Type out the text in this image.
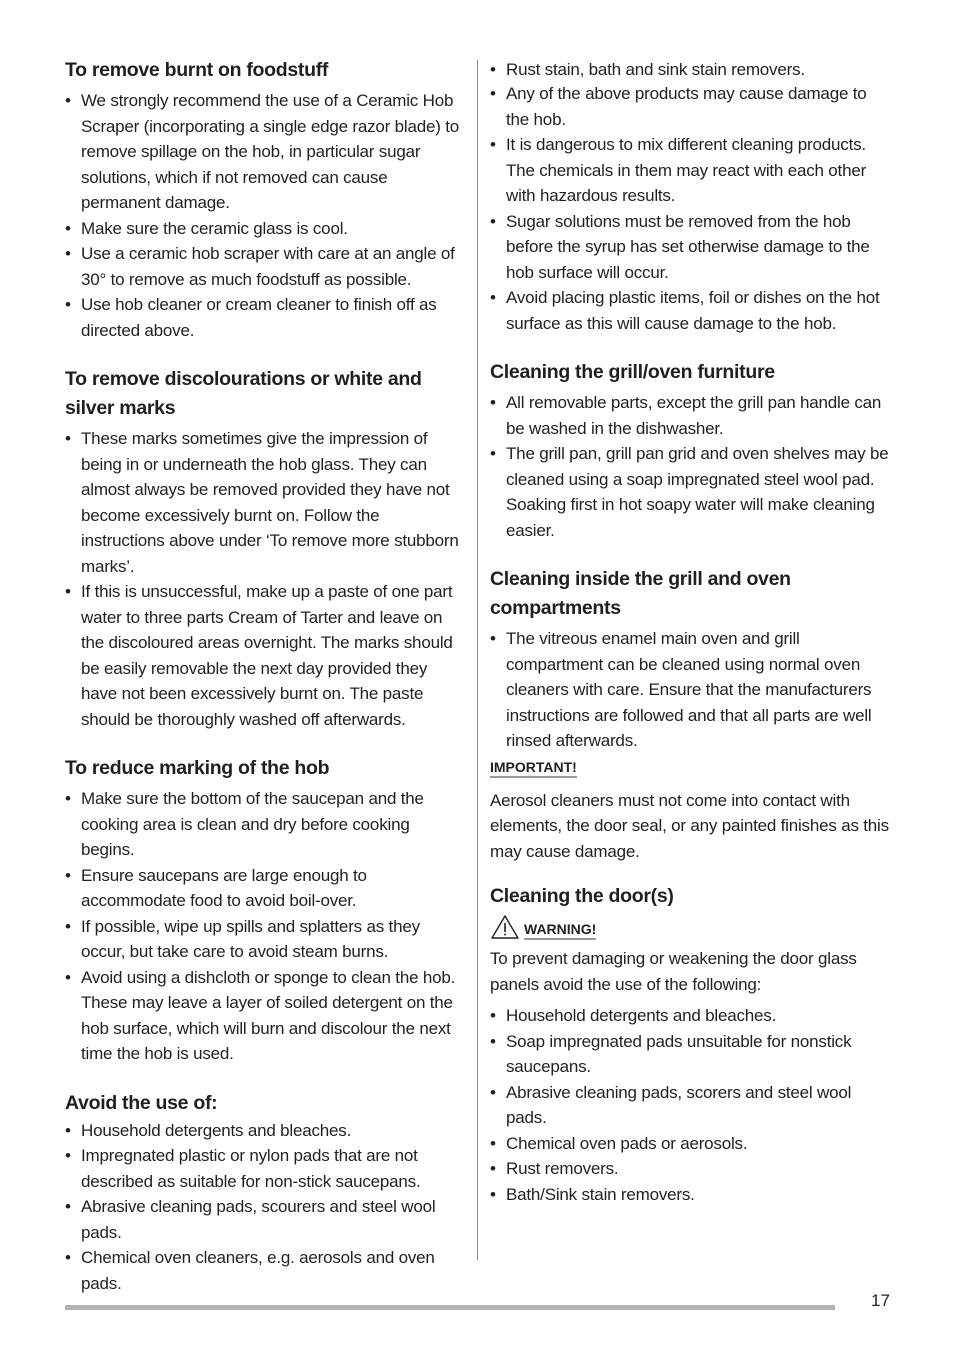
To remove burnt on foodstuff
• We strongly recommend the use of a Ceramic Hob Scraper (incorporating a single edge razor blade) to remove spillage on the hob, in particular sugar solutions, which if not removed can cause permanent damage.
• Make sure the ceramic glass is cool.
• Use a ceramic hob scraper with care at an angle of 30° to remove as much foodstuff as possible.
• Use hob cleaner or cream cleaner to finish off as directed above.
To remove discolourations or white and silver marks
• These marks sometimes give the impression of being in or underneath the hob glass. They can almost always be removed provided they have not become excessively burnt on. Follow the instructions above under ‘To remove more stubborn marks’.
• If this is unsuccessful, make up a paste of one part water to three parts Cream of Tarter and leave on the discoloured areas overnight. The marks should be easily removable the next day provided they have not been excessively burnt on. The paste should be thoroughly washed off afterwards.
To reduce marking of the hob
• Make sure the bottom of the saucepan and the cooking area is clean and dry before cooking begins.
• Ensure saucepans are large enough to accommodate food to avoid boil-over.
• If possible, wipe up spills and splatters as they occur, but take care to avoid steam burns.
• Avoid using a dishcloth or sponge to clean the hob. These may leave a layer of soiled detergent on the hob surface, which will burn and discolour the next time the hob is used.
Avoid the use of:
• Household detergents and bleaches.
• Impregnated plastic or nylon pads that are not described as suitable for non-stick saucepans.
• Abrasive cleaning pads, scourers and steel wool pads.
• Chemical oven cleaners, e.g. aerosols and oven pads.
• Rust stain, bath and sink stain removers.
• Any of the above products may cause damage to the hob.
• It is dangerous to mix different cleaning products. The chemicals in them may react with each other with hazardous results.
• Sugar solutions must be removed from the hob before the syrup has set otherwise damage to the hob surface will occur.
• Avoid placing plastic items, foil or dishes on the hot surface as this will cause damage to the hob.
Cleaning the grill/oven furniture
• All removable parts, except the grill pan handle can be washed in the dishwasher.
• The grill pan, grill pan grid and oven shelves may be cleaned using a soap impregnated steel wool pad. Soaking first in hot soapy water will make cleaning easier.
Cleaning inside the grill and oven compartments
• The vitreous enamel main oven and grill compartment can be cleaned using normal oven cleaners with care. Ensure that the manufacturers instructions are followed and that all parts are well rinsed afterwards.
IMPORTANT!

Aerosol cleaners must not come into contact with elements, the door seal, or any painted finishes as this may cause damage.

Cleaning the door(s)
WARNING!

To prevent damaging or weakening the door glass panels avoid the use of the following:

• Household detergents and bleaches.
• Soap impregnated pads unsuitable for nonstick saucepans.
• Abrasive cleaning pads, scorers and steel wool pads.
• Chemical oven pads or aerosols.
• Rust removers.
• Bath/Sink stain removers.
17
